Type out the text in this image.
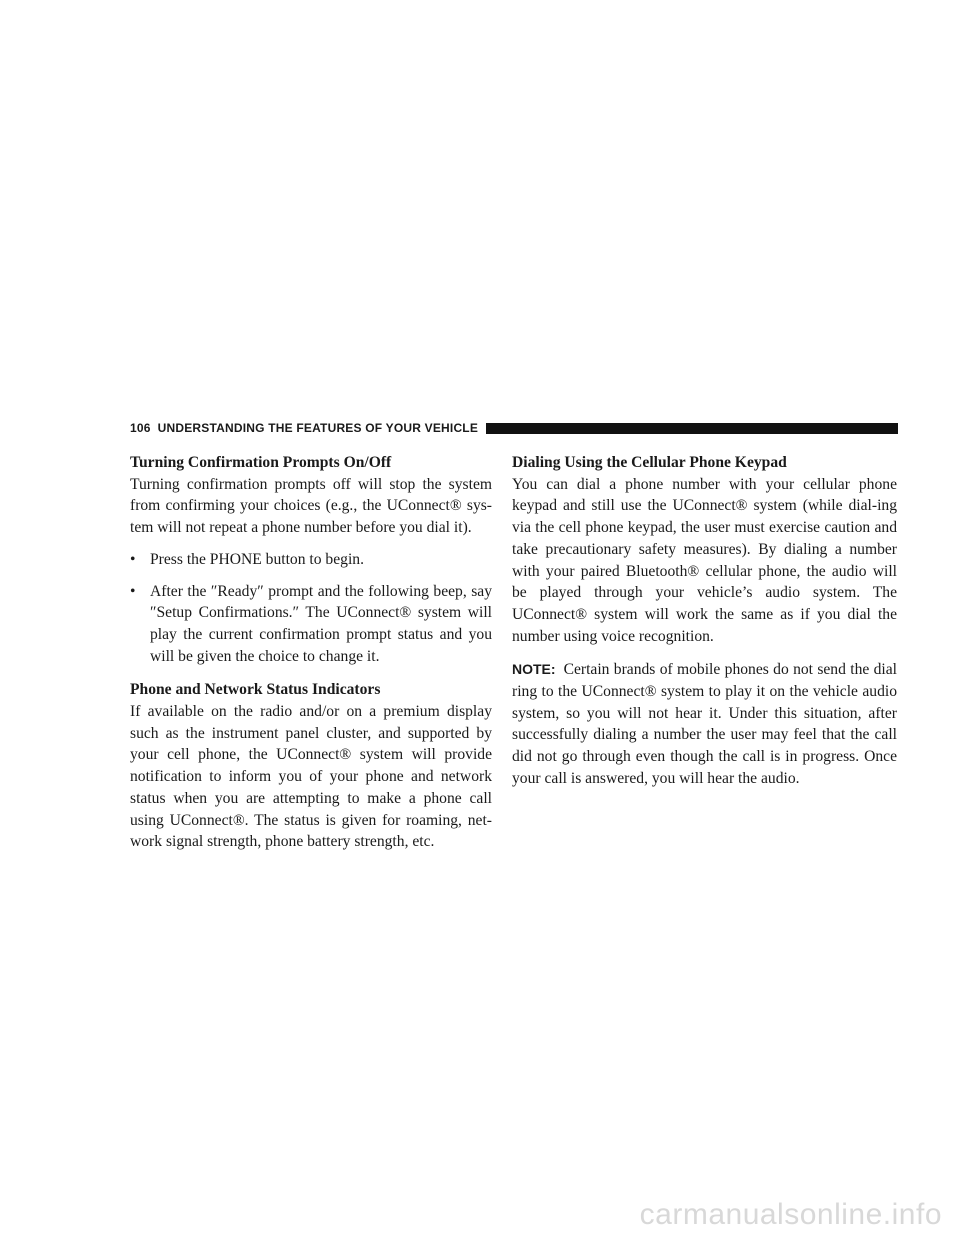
106 UNDERSTANDING THE FEATURES OF YOUR VEHICLE
Turning Confirmation Prompts On/Off

Turning confirmation prompts off will stop the system from confirming your choices (e.g., the UConnect® sys-tem will not repeat a phone number before you dial it).

• Press the PHONE button to begin.
• After the ″Ready″ prompt and the following beep, say ″Setup Confirmations.″ The UConnect® system will play the current confirmation prompt status and you will be given the choice to change it.
Phone and Network Status Indicators

If available on the radio and/or on a premium display such as the instrument panel cluster, and supported by your cell phone, the UConnect® system will provide notification to inform you of your phone and network status when you are attempting to make a phone call using UConnect®. The status is given for roaming, net-work signal strength, phone battery strength, etc.

Dialing Using the Cellular Phone Keypad

You can dial a phone number with your cellular phone keypad and still use the UConnect® system (while dial-ing via the cell phone keypad, the user must exercise caution and take precautionary safety measures). By dialing a number with your paired Bluetooth® cellular phone, the audio will be played through your vehicle’s audio system. The UConnect® system will work the same as if you dial the number using voice recognition.

NOTE: Certain brands of mobile phones do not send the dial ring to the UConnect® system to play it on the vehicle audio system, so you will not hear it. Under this situation, after successfully dialing a number the user may feel that the call did not go through even though the call is in progress. Once your call is answered, you will hear the audio.

carmanualsonline.info
